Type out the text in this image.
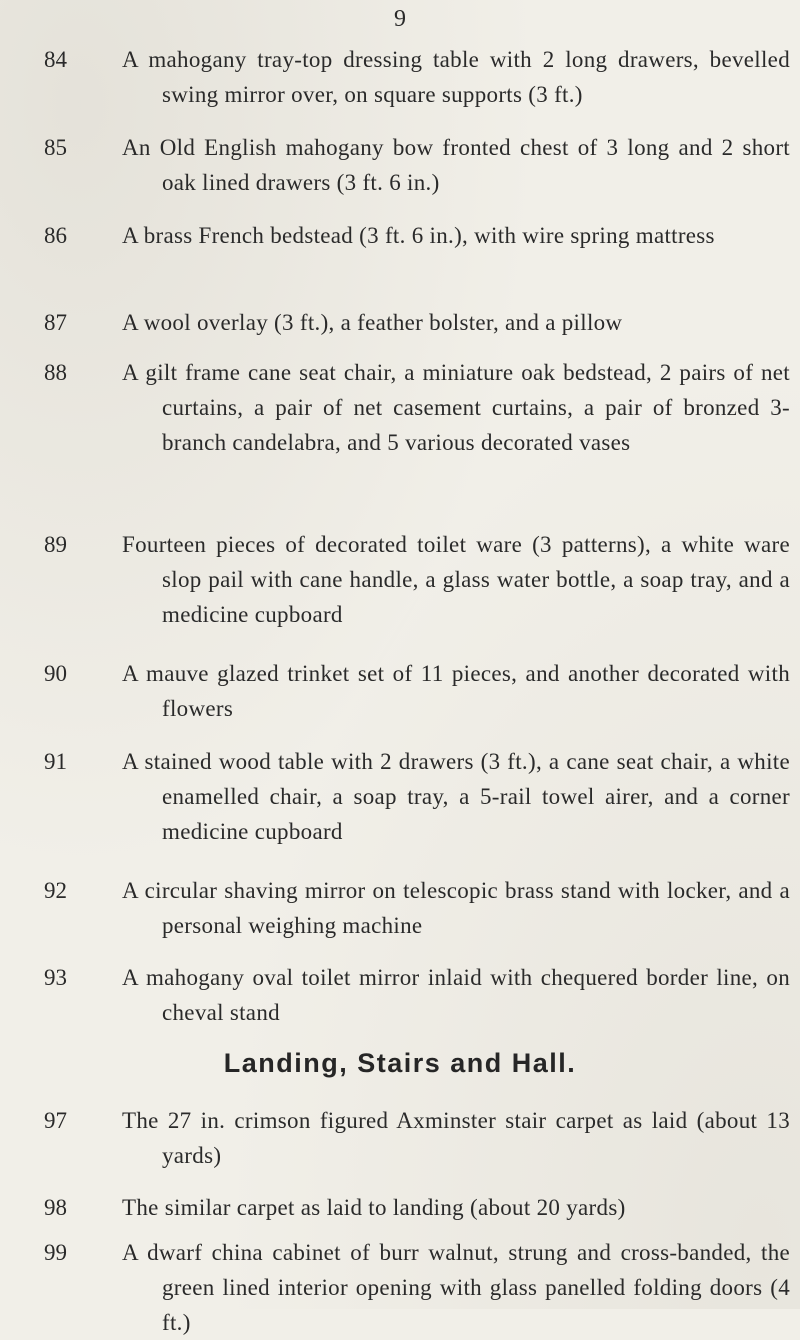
9
84	A mahogany tray-top dressing table with 2 long drawers, bevelled swing mirror over, on square supports (3 ft.)
85	An Old English mahogany bow fronted chest of 3 long and 2 short oak lined drawers (3 ft. 6 in.)
86	A brass French bedstead (3 ft. 6 in.), with wire spring mattress
87	A wool overlay (3 ft.), a feather bolster, and a pillow
88	A gilt frame cane seat chair, a miniature oak bedstead, 2 pairs of net curtains, a pair of net casement curtains, a pair of bronzed 3-branch candelabra, and 5 various decorated vases
89	Fourteen pieces of decorated toilet ware (3 patterns), a white ware slop pail with cane handle, a glass water bottle, a soap tray, and a medicine cupboard
90	A mauve glazed trinket set of 11 pieces, and another decorated with flowers
91	A stained wood table with 2 drawers (3 ft.), a cane seat chair, a white enamelled chair, a soap tray, a 5-rail towel airer, and a corner medicine cupboard
92	A circular shaving mirror on telescopic brass stand with locker, and a personal weighing machine
93	A mahogany oval toilet mirror inlaid with chequered border line, on cheval stand
Landing, Stairs and Hall.
97	The 27 in. crimson figured Axminster stair carpet as laid (about 13 yards)
98	The similar carpet as laid to landing (about 20 yards)
99	A dwarf china cabinet of burr walnut, strung and cross-banded, the green lined interior opening with glass panelled folding doors (4 ft.)
